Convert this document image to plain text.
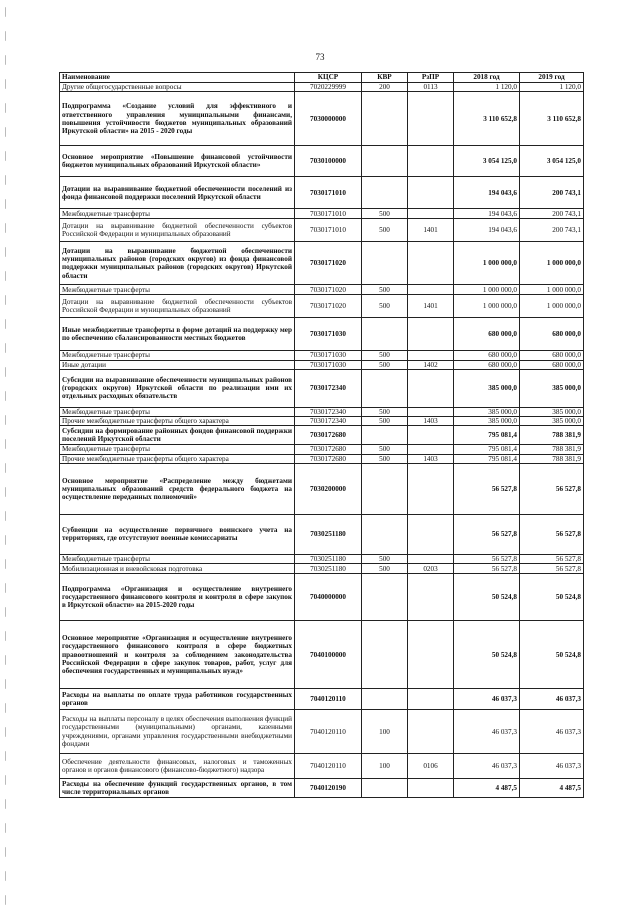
73
Наименование	КЦСР	КВР	РзПР	2018 год	2019 год
Другие общегосударственные вопросы	7020229999	200	0113	1 120,0	1 120,0
Подпрограмма «Создание условий для эффективного и ответственного управления муниципальными финансами, повышения устойчивости бюджетов муниципальных образований Иркутской области» на 2015 - 2020 годы	7030000000			3 110 652,8	3 110 652,8
Основное мероприятие «Повышение финансовой устойчивости бюджетов муниципальных образований Иркутской области»	7030100000			3 054 125,0	3 054 125,0
Дотации на выравнивание бюджетной обеспеченности поселений из фонда финансовой поддержки поселений Иркутской области	7030171010			194 043,6	200 743,1
Межбюджетные трансферты	7030171010	500		194 043,6	200 743,1
Дотации на выравнивание бюджетной обеспеченности субъектов Российской Федерации и муниципальных образований	7030171010	500	1401	194 043,6	200 743,1
Дотации на выравнивание бюджетной обеспеченности муниципальных районов (городских округов) из фонда финансовой поддержки муниципальных районов (городских округов) Иркутской области	7030171020			1 000 000,0	1 000 000,0
Межбюджетные трансферты	7030171020	500		1 000 000,0	1 000 000,0
Дотации на выравнивание бюджетной обеспеченности субъектов Российской Федерации и муниципальных образований	7030171020	500	1401	1 000 000,0	1 000 000,0
Иные межбюджетные трансферты в форме дотаций на поддержку мер по обеспечению сбалансированности местных бюджетов	7030171030			680 000,0	680 000,0
Межбюджетные трансферты	7030171030	500		680 000,0	680 000,0
Иные дотации	7030171030	500	1402	680 000,0	680 000,0
Субсидии на выравнивание обеспеченности муниципальных районов (городских округов) Иркутской области по реализации ими их отдельных расходных обязательств	7030172340			385 000,0	385 000,0
Межбюджетные трансферты	7030172340	500		385 000,0	385 000,0
Прочие межбюджетные трансферты общего характера	7030172340	500	1403	385 000,0	385 000,0
Субсидии на формирование районных фондов финансовой поддержки поселений Иркутской области	7030172680			795 081,4	788 381,9
Межбюджетные трансферты	7030172680	500		795 081,4	788 381,9
Прочие межбюджетные трансферты общего характера	7030172680	500	1403	795 081,4	788 381,9
Основное мероприятие «Распределение между бюджетами муниципальных образований средств федерального бюджета на осуществление переданных полномочий»	7030200000			56 527,8	56 527,8
Субвенции на осуществление первичного воинского учета на территориях, где отсутствуют военные комиссариаты	7030251180			56 527,8	56 527,8
Межбюджетные трансферты	7030251180	500		56 527,8	56 527,8
Мобилизационная и вневойсковая подготовка	7030251180	500	0203	56 527,8	56 527,8
Подпрограмма «Организация и осуществление внутреннего государственного финансового контроля и контроля в сфере закупок в Иркутской области» на 2015-2020 годы	7040000000			50 524,8	50 524,8
Основное мероприятие «Организация и осуществление внутреннего государственного финансового контроля в сфере бюджетных правоотношений и контроля за соблюдением законодательства Российской Федерации в сфере закупок товаров, работ, услуг для обеспечения государственных и муниципальных нужд»	7040100000			50 524,8	50 524,8
Расходы на выплаты по оплате труда работников государственных органов	7040120110			46 037,3	46 037,3
Расходы на выплаты персоналу в целях обеспечения выполнения функций государственными (муниципальными) органами, казенными учреждениями, органами управления государственными внебюджетными фондами	7040120110	100		46 037,3	46 037,3
Обеспечение деятельности финансовых, налоговых и таможенных органов и органов финансового (финансово-бюджетного) надзора	7040120110	100	0106	46 037,3	46 037,3
Расходы на обеспечение функций государственных органов, в том числе территориальных органов	7040120190			4 487,5	4 487,5
